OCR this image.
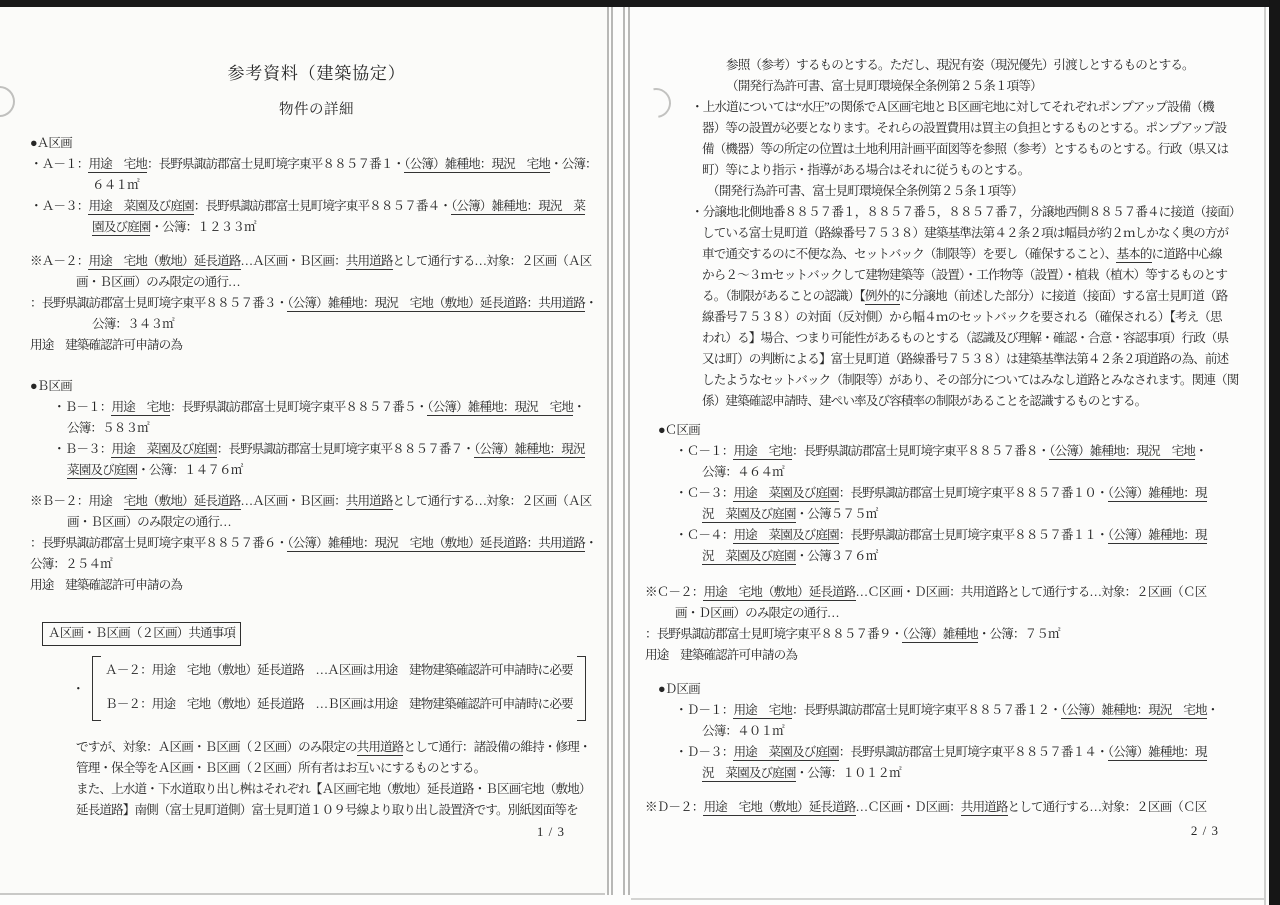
参考資料（建築協定）
物件の詳細
●Ａ区画
・Ａ－１：用途　宅地：長野県諏訪郡富士見町境字東平８８５７番１・（公簿）雑種地：現況　宅地・公簿：
６４１㎡
・Ａ－３：用途　菜園及び庭園：長野県諏訪郡富士見町境字東平８８５７番４・（公簿）雑種地：現況　菜
園及び庭園・公簿：１２３３㎡
※Ａ－２：用途　宅地（敷地）延長道路…Ａ区画・Ｂ区画：共用道路として通行する…対象：２区画（Ａ区
画・Ｂ区画）のみ限定の通行…
：長野県諏訪郡富士見町境字東平８８５７番３・（公簿）雑種地：現況　宅地（敷地）延長道路：共用道路・
公簿：３４３㎡
用途　建築確認許可申請の為
●Ｂ区画
・Ｂ－１：用途　宅地：長野県諏訪郡富士見町境字東平８８５７番５・（公簿）雑種地：現況　宅地・
公簿：５８３㎡
・Ｂ－３：用途　菜園及び庭園：長野県諏訪郡富士見町境字東平８８５７番７・（公簿）雑種地：現況
菜園及び庭園・公簿：１４７６㎡
※Ｂ－２：用途　宅地（敷地）延長道路…Ａ区画・Ｂ区画：共用道路として通行する…対象：２区画（Ａ区
画・Ｂ区画）のみ限定の通行…
：長野県諏訪郡富士見町境字東平８８５７番６・（公簿）雑種地：現況　宅地（敷地）延長道路：共用道路・
公簿：２５４㎡
用途　建築確認許可申請の為
Ａ区画・Ｂ区画（２区画）共通事項
・
Ａ－２：用途　宅地（敷地）延長道路　…Ａ区画は用途　建物建築確認許可申請時に必要
Ｂ－２：用途　宅地（敷地）延長道路　…Ｂ区画は用途　建物建築確認許可申請時に必要
ですが、対象：Ａ区画・Ｂ区画（２区画）のみ限定の共用道路として通行：諸設備の維持・修理・
管理・保全等をＡ区画・Ｂ区画（２区画）所有者はお互いにするものとする。
また、上水道・下水道取り出し桝はそれぞれ【Ａ区画宅地（敷地）延長道路・Ｂ区画宅地（敷地）
延長道路】南側（富士見町道側）富士見町道１０９号線より取り出し設置済です。別紙図面等を
1 / 3
参照（参考）するものとする。ただし、現況有姿（現況優先）引渡しとするものとする。
（開発行為許可書、富士見町環境保全条例第２５条１項等）
・上水道については“水圧”の関係でＡ区画宅地とＢ区画宅地に対してそれぞれポンプアップ設備（機
器）等の設置が必要となります。それらの設置費用は買主の負担とするものとする。ポンプアップ設
備（機器）等の所定の位置は土地利用計画平面図等を参照（参考）とするものとする。行政（県又は
町）等により指示・指導がある場合はそれに従うものとする。
（開発行為許可書、富士見町環境保全条例第２５条１項等）
・分譲地北側地番８８５７番１，８８５７番５，８８５７番７，分譲地西側８８５７番４に接道（接面）
している富士見町道（路線番号７５３８）建築基準法第４２条２項は幅員が約２ｍしかなく奥の方が
車で通交するのに不便な為、セットバック（制限等）を要し（確保すること）、基本的に道路中心線
から２～３ｍセットバックして建物建築等（設置）・工作物等（設置）・植栽（植木）等するものとす
る。（制限があることの認識）【例外的に分譲地（前述した部分）に接道（接面）する富士見町道（路
線番号７５３８）の対面（反対側）から幅４ｍのセットバックを要される（確保される）【考え（思
われ）る】場合、つまり可能性があるものとする（認識及び理解・確認・合意・容認事項）行政（県
又は町）の判断による】富士見町道（路線番号７５３８）は建築基準法第４２条２項道路の為、前述
したようなセットバック（制限等）があり、その部分についてはみなし道路とみなされます。関連（関
係）建築確認申請時、建ぺい率及び容積率の制限があることを認識するものとする。
●Ｃ区画
・Ｃ－１：用途　宅地：長野県諏訪郡富士見町境字東平８８５７番８・（公簿）雑種地：現況　宅地・
公簿：４６４㎡
・Ｃ－３：用途　菜園及び庭園：長野県諏訪郡富士見町境字東平８８５７番１０・（公簿）雑種地：現
況　菜園及び庭園・公簿５７５㎡
・Ｃ－４：用途　菜園及び庭園：長野県諏訪郡富士見町境字東平８８５７番１１・（公簿）雑種地：現
況　菜園及び庭園・公簿３７６㎡
※Ｃ－２：用途　宅地（敷地）延長道路…Ｃ区画・Ｄ区画：共用道路として通行する…対象：２区画（Ｃ区
画・Ｄ区画）のみ限定の通行…
：長野県諏訪郡富士見町境字東平８８５７番９・（公簿）雑種地・公簿：７５㎡
用途　建築確認許可申請の為
●Ｄ区画
・Ｄ－１：用途　宅地：長野県諏訪郡富士見町境字東平８８５７番１２・（公簿）雑種地：現況　宅地・
公簿：４０１㎡
・Ｄ－３：用途　菜園及び庭園：長野県諏訪郡富士見町境字東平８８５７番１４・（公簿）雑種地：現
況　菜園及び庭園・公簿：１０１２㎡
※Ｄ－２：用途　宅地（敷地）延長道路…Ｃ区画・Ｄ区画：共用道路として通行する…対象：２区画（Ｃ区
2 / 3
